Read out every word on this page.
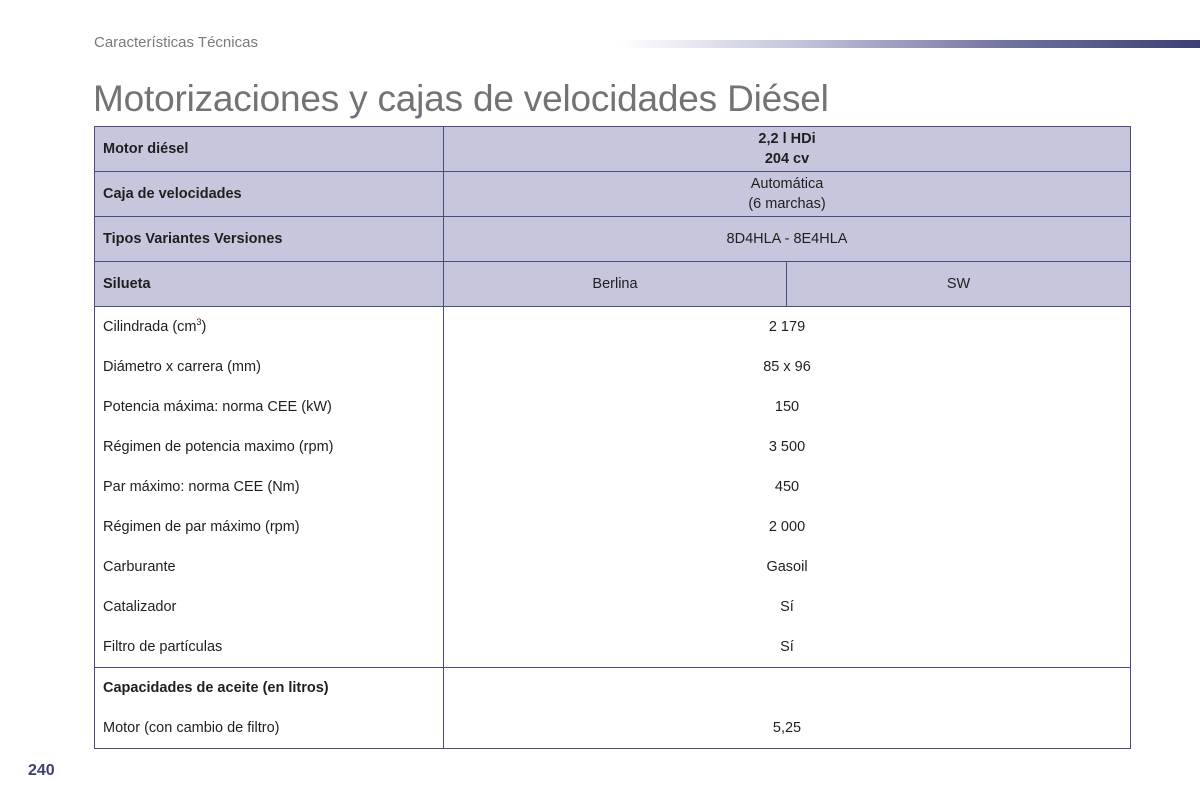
Características Técnicas
Motorizaciones y cajas de velocidades Diésel
Motor diésel	2,2 l HDi
204 cv	
Caja de velocidades	Automática
(6 marchas)	
Tipos Variantes Versiones	8D4HLA - 8E4HLA	
Silueta	Berlina	SW
Cilindrada $(cm^3)$	2 179	
Diámetro x carrera (mm)	85 x 96	
Potencia máxima: norma CEE (kW)	150	
Régimen de potencia maximo (rpm)	3 500	
Par máximo: norma CEE (Nm)	450	
Régimen de par máximo (rpm)	2 000	
Carburante	Gasoil	
Catalizador	Sí	
Filtro de partículas	Sí	
Capacidades de aceite (en litros)		
Motor (con cambio de filtro)	5,25	
240
